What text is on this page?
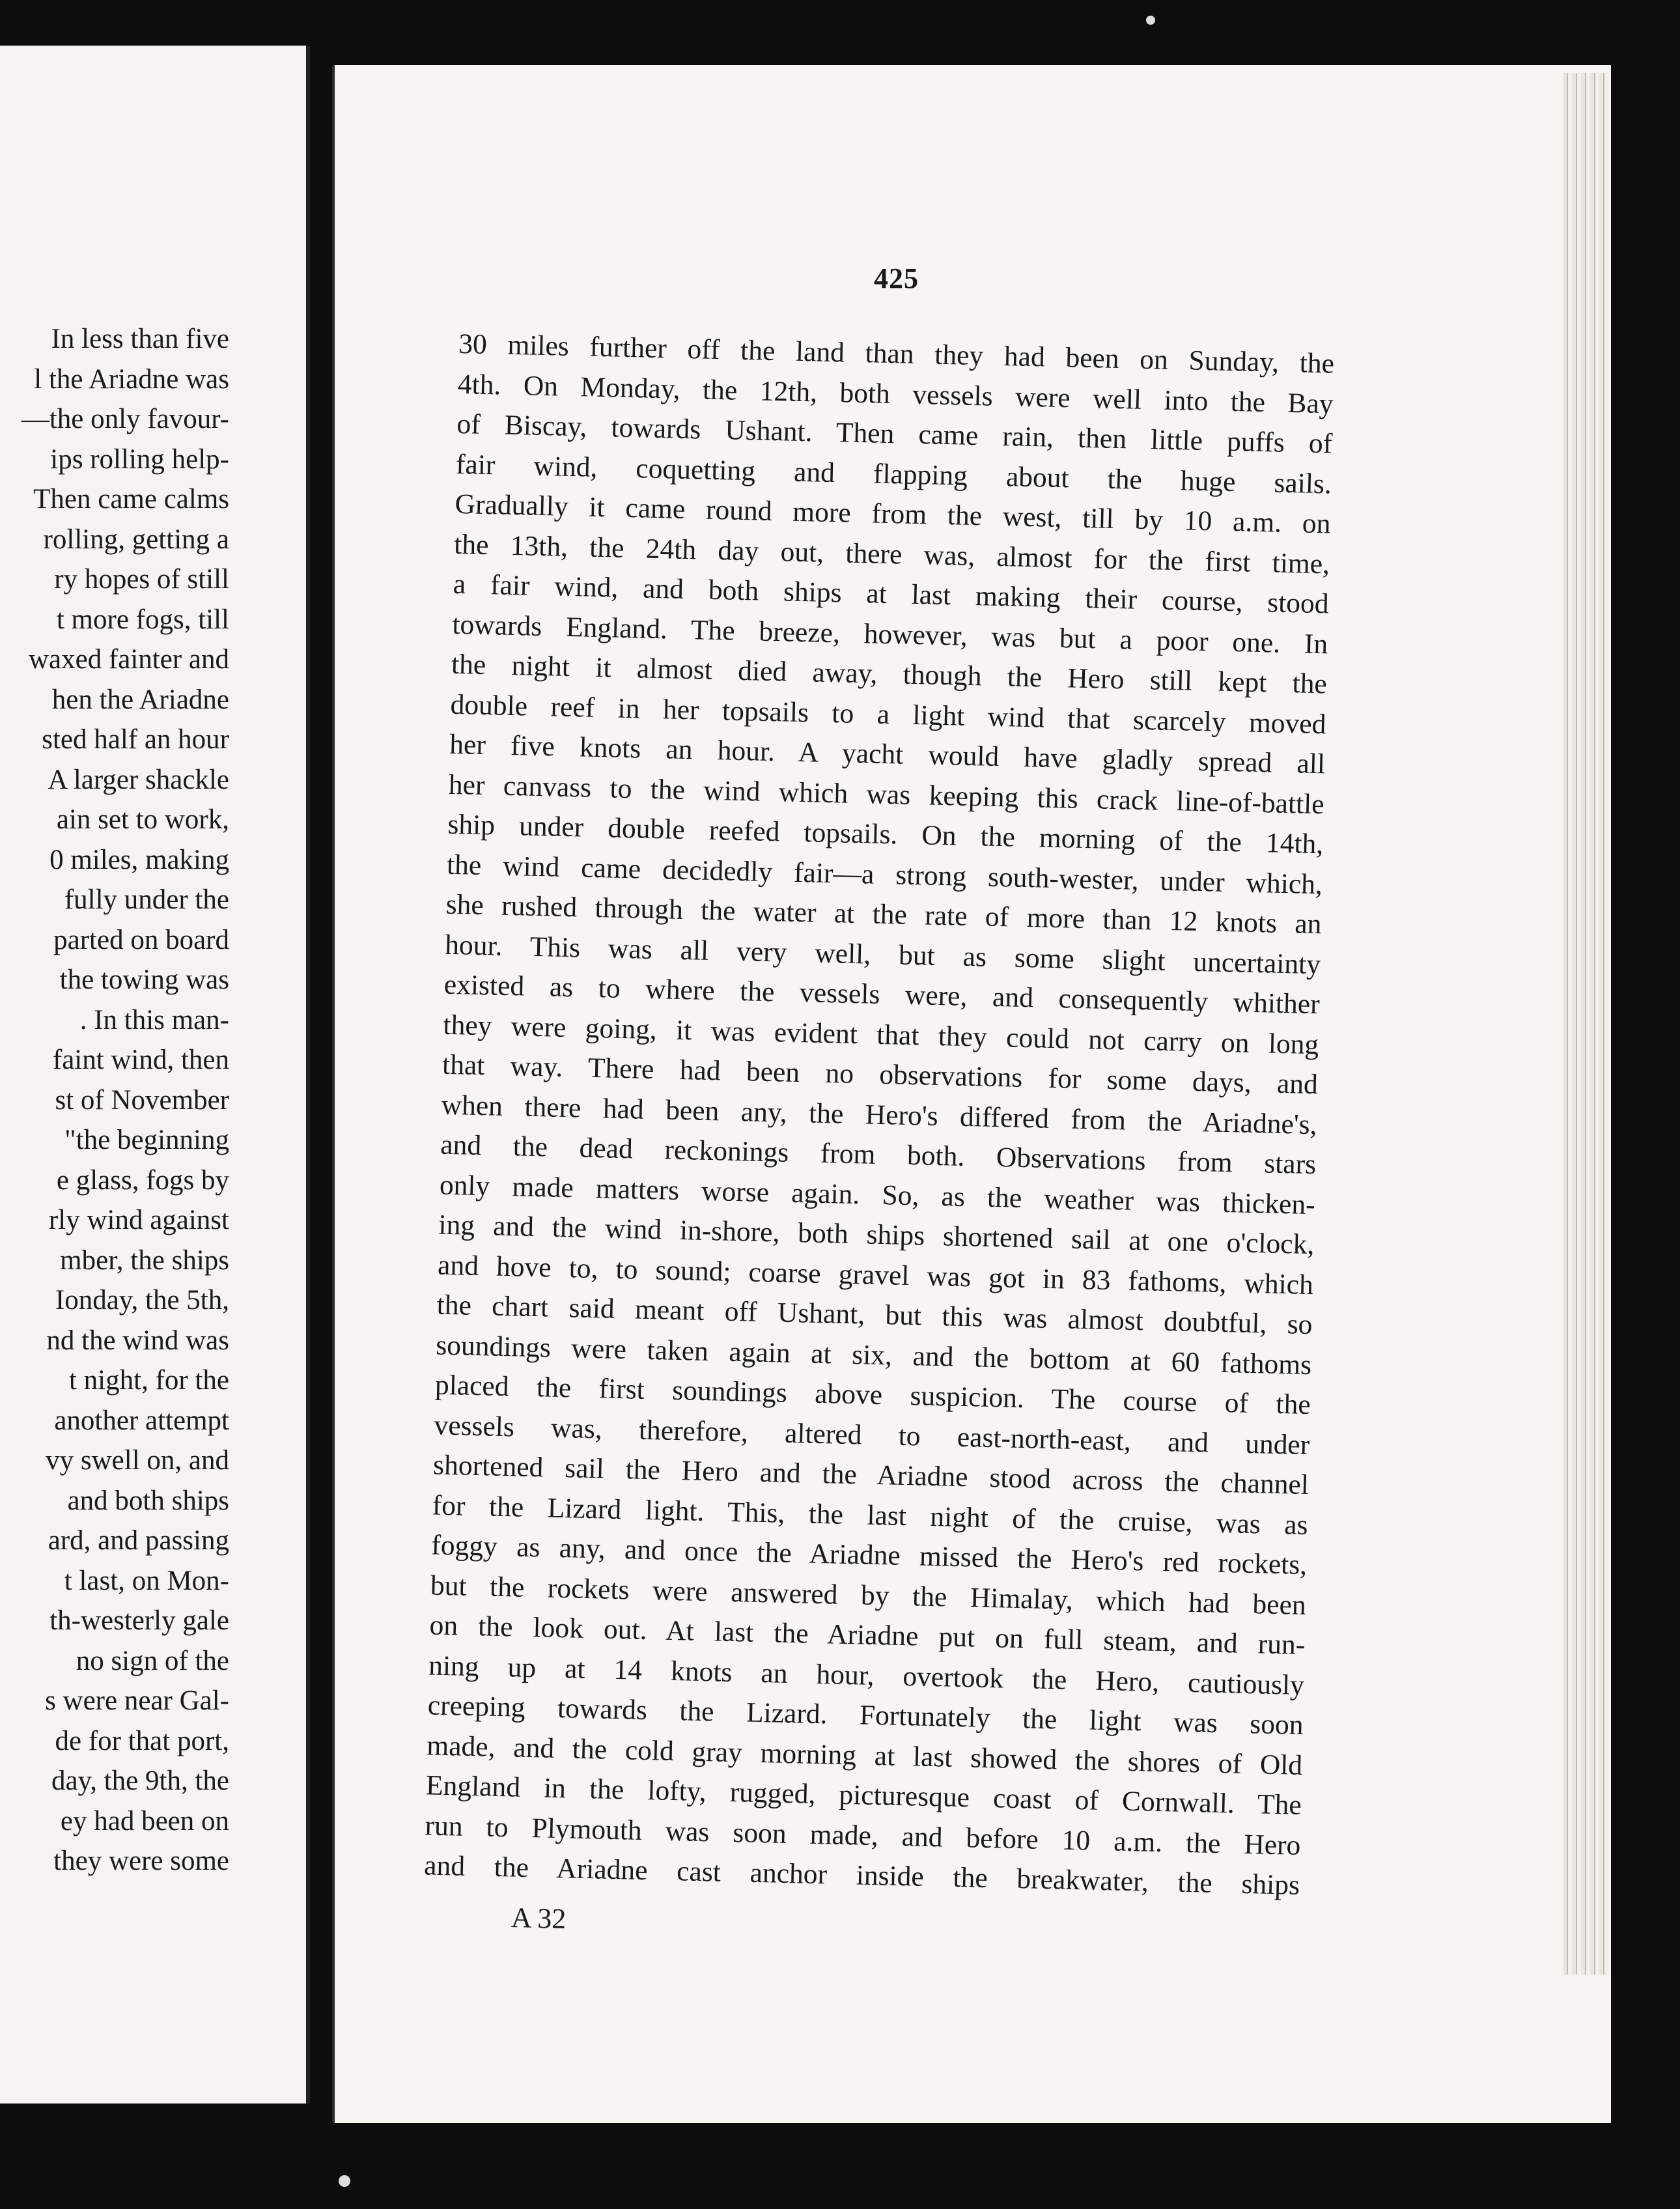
In less than five
l the Ariadne was
—the only favour-
ips rolling help-
Then came calms
rolling, getting a
ry hopes of still
t more fogs, till
waxed fainter and
hen the Ariadne
sted half an hour
A larger shackle
ain set to work,
0 miles, making
fully under the
parted on board
the towing was
. In this man-
faint wind, then
st of November
"the beginning
e glass, fogs by
rly wind against
mber, the ships
Ionday, the 5th,
nd the wind was
t night, for the
another attempt
vy swell on, and
and both ships
ard, and passing
t last, on Mon-
th-westerly gale
no sign of the
s were near Gal-
de for that port,
day, the 9th, the
ey had been on
they were some
425
30 miles further off the land than they had been on Sunday, the
4th. On Monday, the 12th, both vessels were well into the Bay
of Biscay, towards Ushant. Then came rain, then little puffs of
fair wind, coquetting and flapping about the huge sails.
Gradually it came round more from the west, till by 10 a.m. on
the 13th, the 24th day out, there was, almost for the first time,
a fair wind, and both ships at last making their course, stood
towards England. The breeze, however, was but a poor one. In
the night it almost died away, though the Hero still kept the
double reef in her topsails to a light wind that scarcely moved
her five knots an hour. A yacht would have gladly spread all
her canvass to the wind which was keeping this crack line-of-battle
ship under double reefed topsails. On the morning of the 14th,
the wind came decidedly fair—a strong south-wester, under which,
she rushed through the water at the rate of more than 12 knots an
hour. This was all very well, but as some slight uncertainty
existed as to where the vessels were, and consequently whither
they were going, it was evident that they could not carry on long
that way. There had been no observations for some days, and
when there had been any, the Hero's differed from the Ariadne's,
and the dead reckonings from both. Observations from stars
only made matters worse again. So, as the weather was thicken-
ing and the wind in-shore, both ships shortened sail at one o'clock,
and hove to, to sound; coarse gravel was got in 83 fathoms, which
the chart said meant off Ushant, but this was almost doubtful, so
soundings were taken again at six, and the bottom at 60 fathoms
placed the first soundings above suspicion. The course of the
vessels was, therefore, altered to east-north-east, and under
shortened sail the Hero and the Ariadne stood across the channel
for the Lizard light. This, the last night of the cruise, was as
foggy as any, and once the Ariadne missed the Hero's red rockets,
but the rockets were answered by the Himalay, which had been
on the look out. At last the Ariadne put on full steam, and run-
ning up at 14 knots an hour, overtook the Hero, cautiously
creeping towards the Lizard. Fortunately the light was soon
made, and the cold gray morning at last showed the shores of Old
England in the lofty, rugged, picturesque coast of Cornwall. The
run to Plymouth was soon made, and before 10 a.m. the Hero
and the Ariadne cast anchor inside the breakwater, the ships
A 32
